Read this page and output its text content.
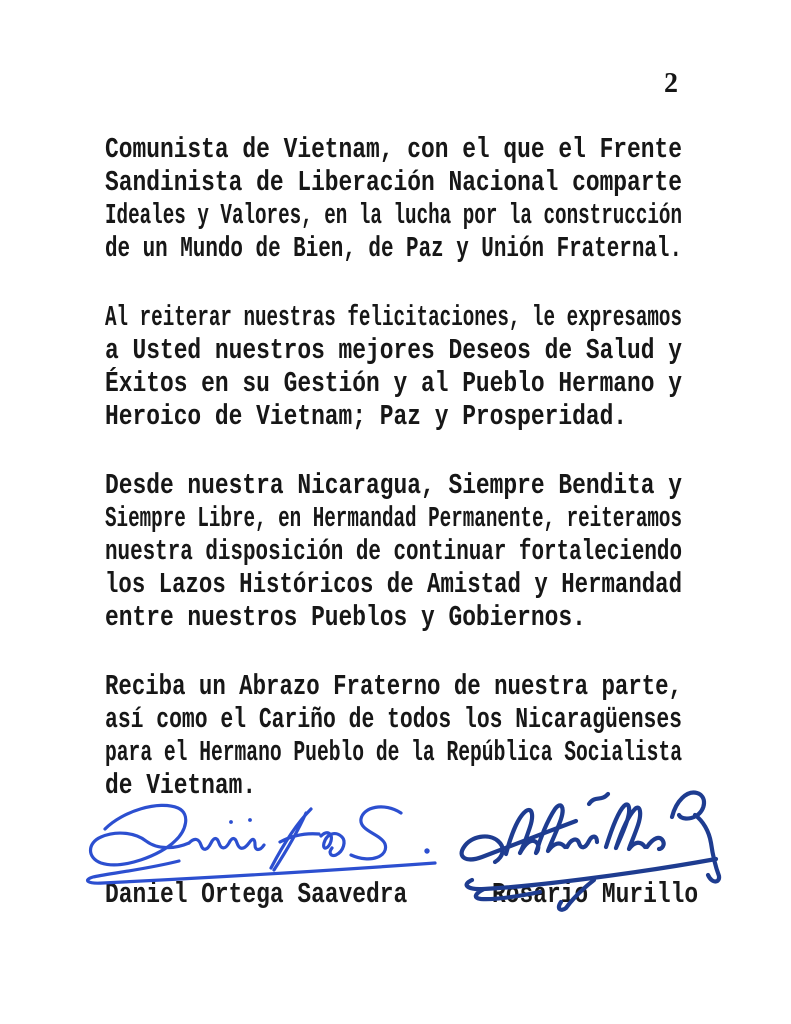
2
Comunista de Vietnam, con el que el Frente
Sandinista de Liberación Nacional comparte
Ideales y Valores, en la lucha por la construcción
de un Mundo de Bien, de Paz y Unión Fraternal.
Al reiterar nuestras felicitaciones, le expresamos
a Usted nuestros mejores Deseos de Salud y
Éxitos en su Gestión y al Pueblo Hermano y
Heroico de Vietnam; Paz y Prosperidad.
Desde nuestra Nicaragua, Siempre Bendita y
Siempre Libre, en Hermandad Permanente, reiteramos
nuestra disposición de continuar fortaleciendo
los Lazos Históricos de Amistad y Hermandad
entre nuestros Pueblos y Gobiernos.
Reciba un Abrazo Fraterno de nuestra parte,
así como el Cariño de todos los Nicaragüenses
para el Hermano Pueblo de la República Socialista
de Vietnam.
Daniel Ortega Saavedra	Rosario Murillo
